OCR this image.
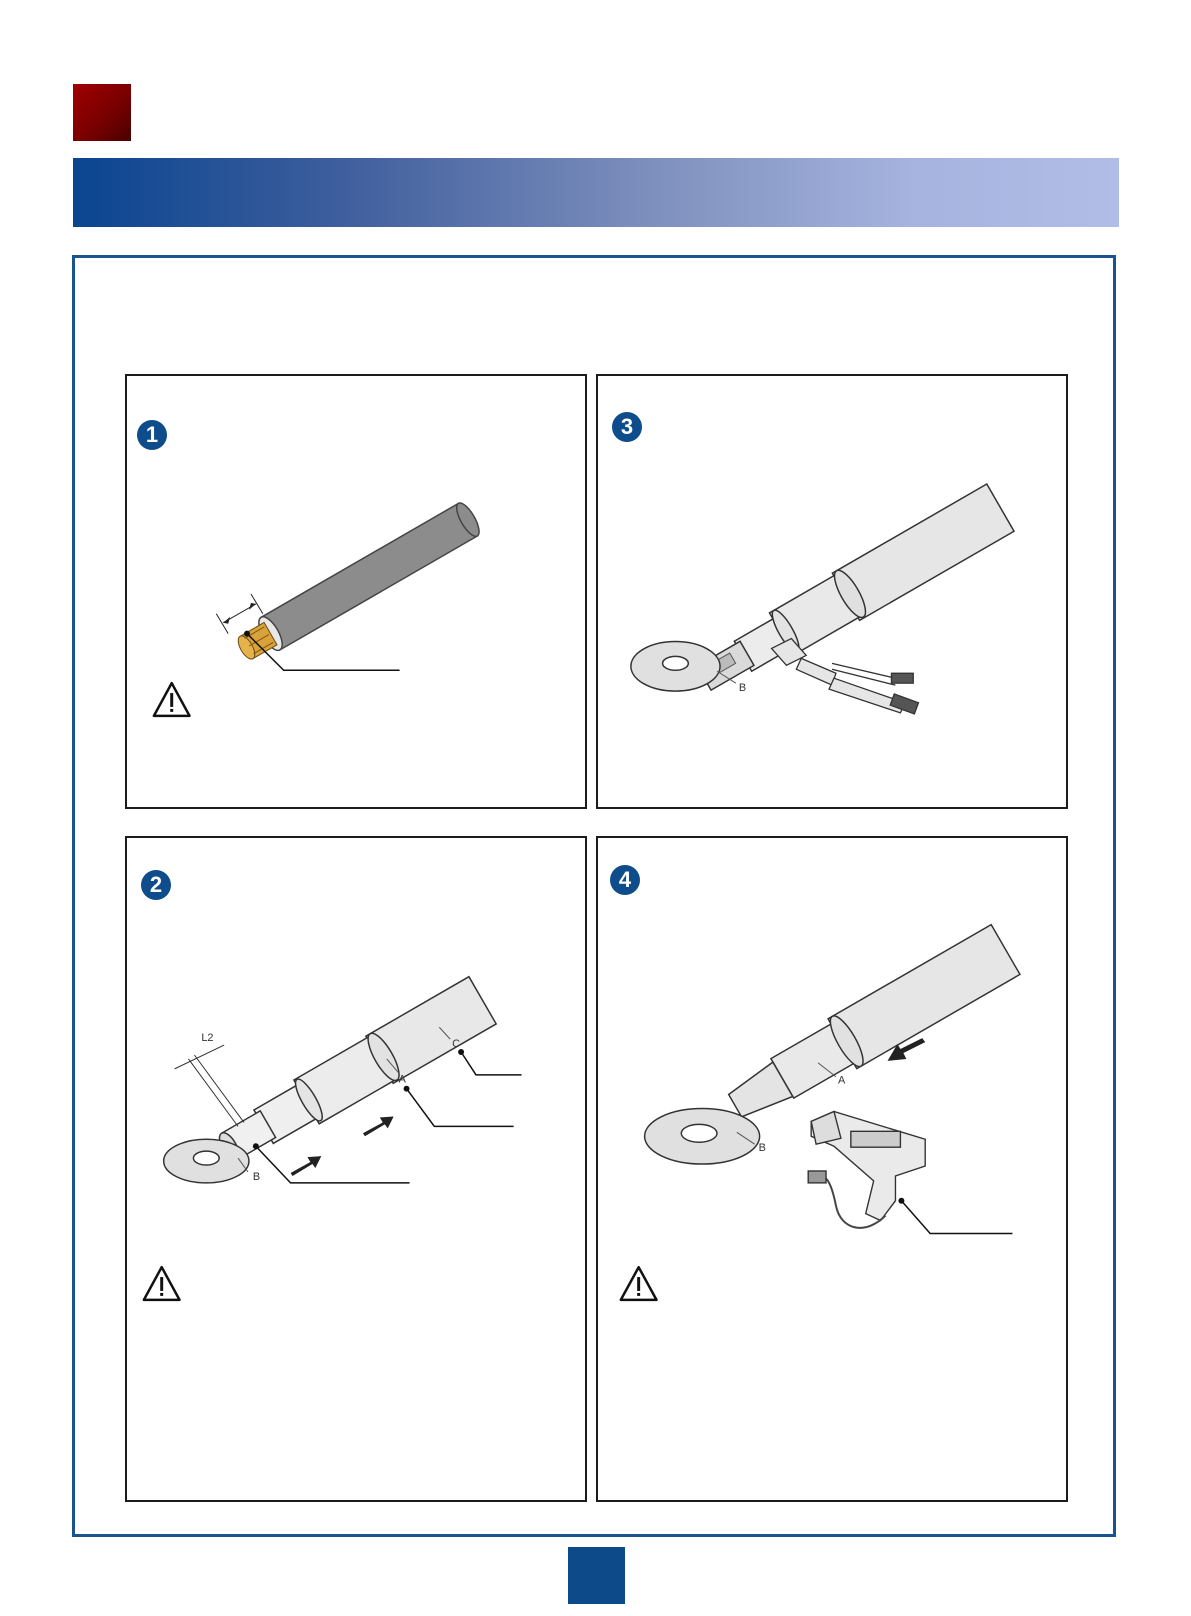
1	3
B
2
L2
A
C
B
4
A
B
